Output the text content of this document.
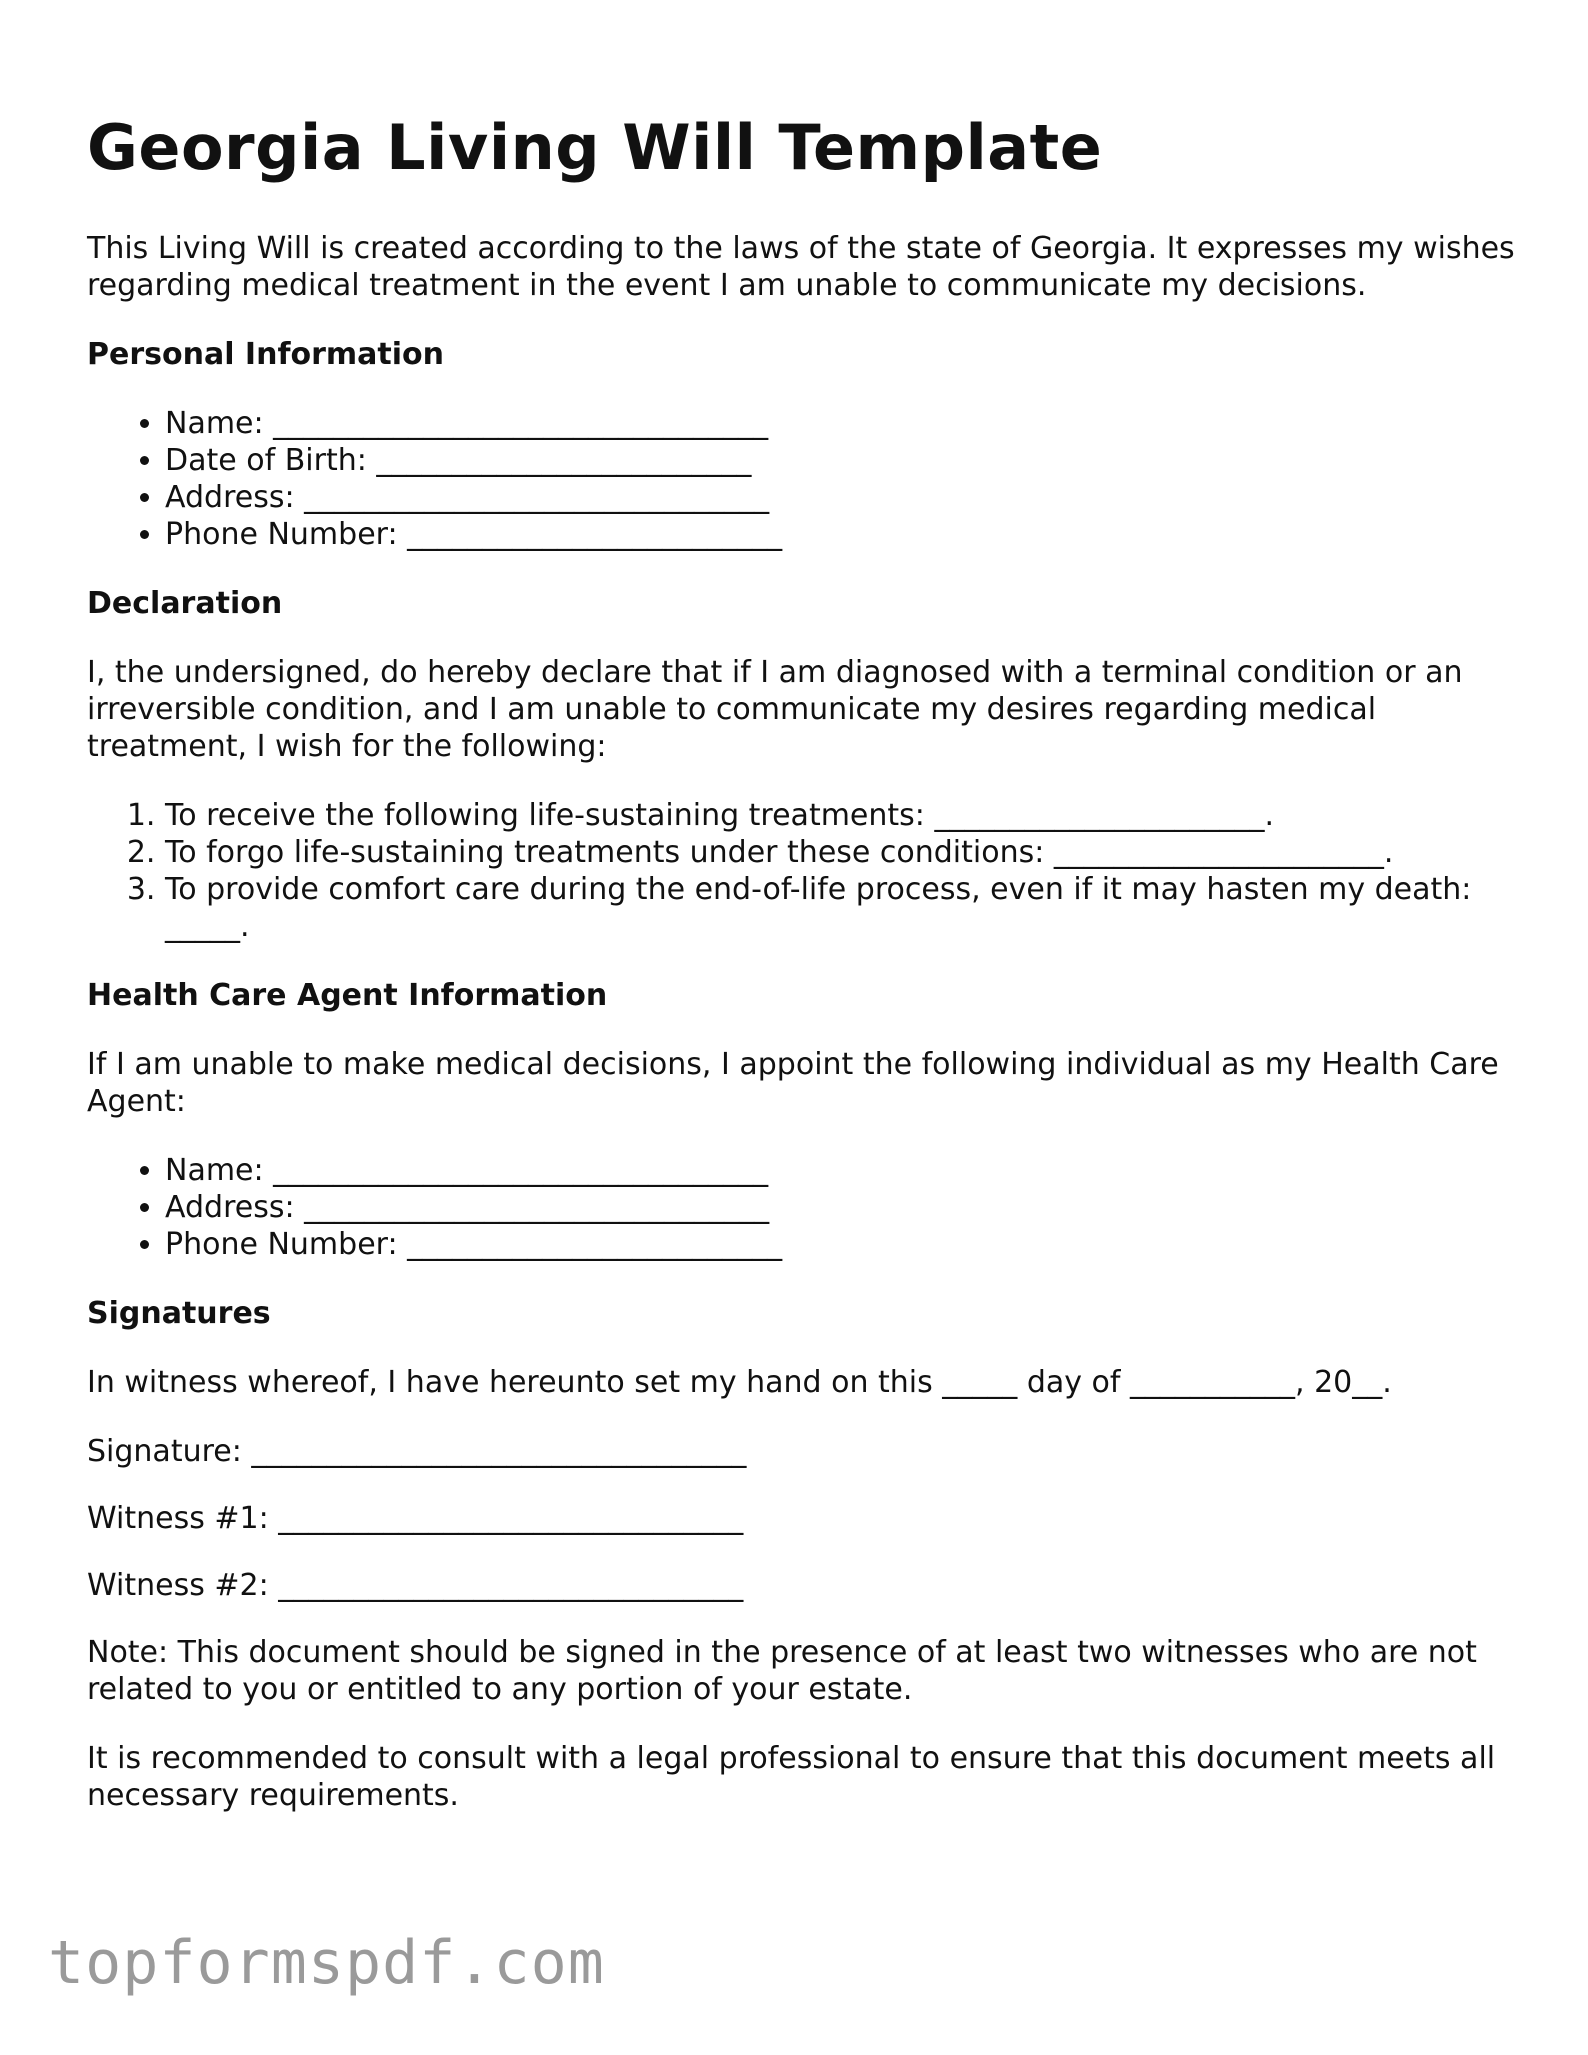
Georgia Living Will Template

This Living Will is created according to the laws of the state of Georgia. It expresses my wishes regarding medical treatment in the event I am unable to communicate my decisions.

Personal Information
• Name: _________________________________
• Date of Birth: _________________________
• Address: _______________________________
• Phone Number: _________________________
Declaration

I, the undersigned, do hereby declare that if I am diagnosed with a terminal condition or an irreversible condition, and I am unable to communicate my desires regarding medical treatment, I wish for the following:

1. To receive the following life-sustaining treatments: ______________________.
2. To forgo life-sustaining treatments under these conditions: ______________________.
3. To provide comfort care during the end-of-life process, even if it may hasten my death: _____.
Health Care Agent Information

If I am unable to make medical decisions, I appoint the following individual as my Health Care Agent:

• Name: _________________________________
• Address: _______________________________
• Phone Number: _________________________
Signatures

In witness whereof, I have hereunto set my hand on this _____ day of ___________, 20__.

Signature: _________________________________

Witness #1: _______________________________

Witness #2: _______________________________

Note: This document should be signed in the presence of at least two witnesses who are not related to you or entitled to any portion of your estate.

It is recommended to consult with a legal professional to ensure that this document meets all necessary requirements.

topformspdf.com
